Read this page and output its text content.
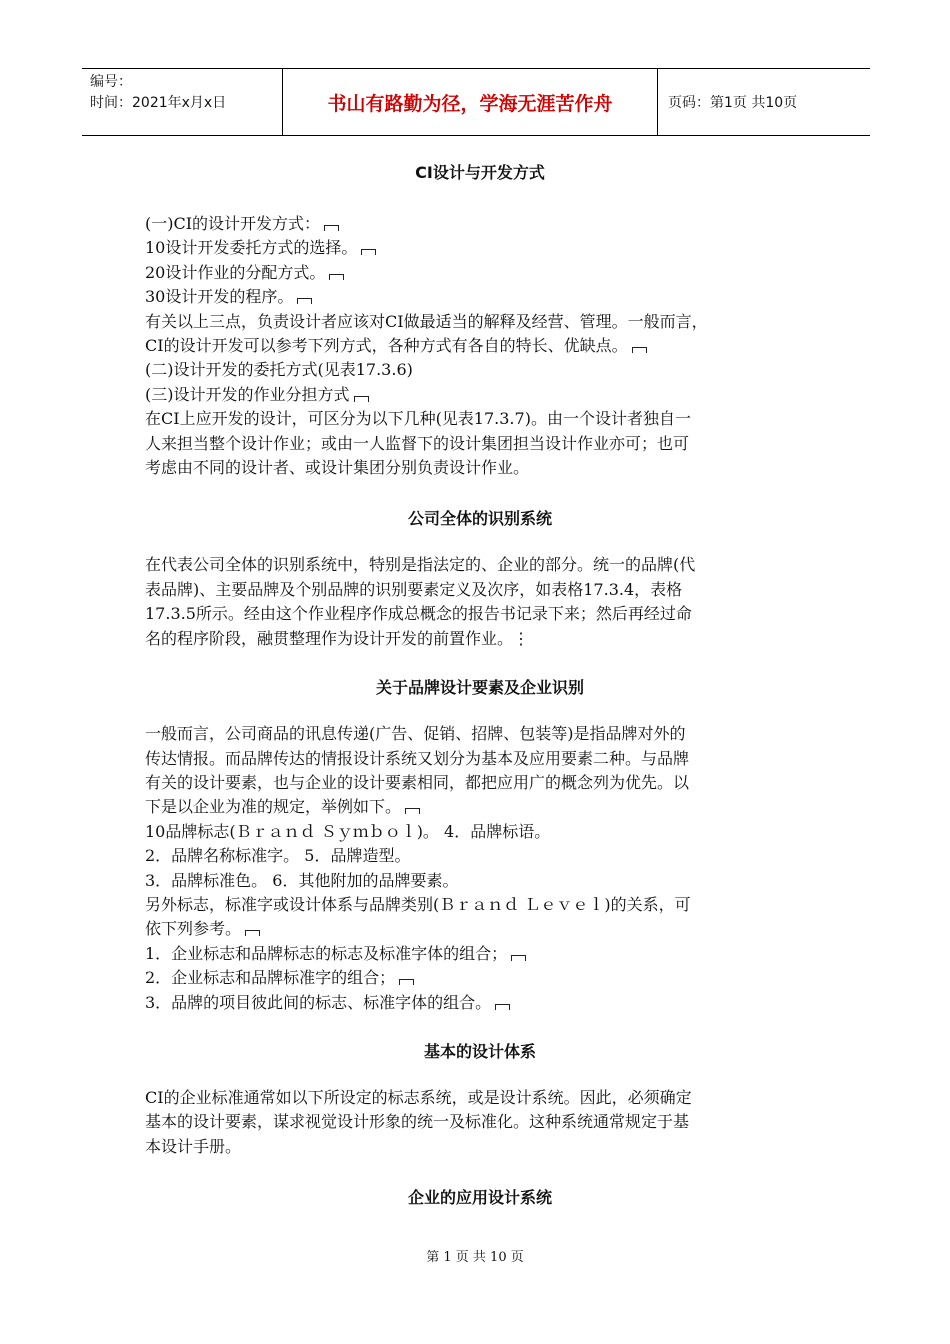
编号：
时间：2021年x月x日	书山有路勤为径，学海无涯苦作舟	页码：第1页 共10页
CI设计与开发方式
(一)CI的设计开发方式：
10设计开发委托方式的选择。
20设计作业的分配方式。
30设计开发的程序。
有关以上三点，负责设计者应该对CI做最适当的解释及经营、管理。一般而言，
CI的设计开发可以参考下列方式，各种方式有各自的特长、优缺点。
(二)设计开发的委托方式(见表17.3.6)
(三)设计开发的作业分担方式
在CI上应开发的设计，可区分为以下几种(见表17.3.7)。由一个设计者独自一
人来担当整个设计作业；或由一人监督下的设计集团担当设计作业亦可；也可
考虑由不同的设计者、或设计集团分别负责设计作业。
公司全体的识别系统
在代表公司全体的识别系统中，特别是指法定的、企业的部分。统一的品牌(代
表品牌)、主要品牌及个别品牌的识别要素定义及次序，如表格17.3.4，表格
17.3.5所示。经由这个作业程序作成总概念的报告书记录下来；然后再经过命
名的程序阶段，融贯整理作为设计开发的前置作业。⋮
关于品牌设计要素及企业识别
一般而言，公司商品的讯息传递(广告、促销、招牌、包装等)是指品牌对外的
传达情报。而品牌传达的情报设计系统又划分为基本及应用要素二种。与品牌
有关的设计要素，也与企业的设计要素相同，都把应用广的概念列为优先。以
下是以企业为准的规定，举例如下。
10品牌标志(Ｂｒａｎｄ Ｓｙｍｂｏｌ)。 4．品牌标语。
2．品牌名称标准字。 5．品牌造型。
3．品牌标准色。 6．其他附加的品牌要素。
另外标志，标准字或设计体系与品牌类别(Ｂｒａｎｄ Ｌｅｖｅｌ)的关系，可
依下列参考。
1．企业标志和品牌标志的标志及标准字体的组合；
2．企业标志和品牌标准字的组合；
3．品牌的项目彼此间的标志、标准字体的组合。
基本的设计体系
CI的企业标准通常如以下所设定的标志系统，或是设计系统。因此，必须确定
基本的设计要素，谋求视觉设计形象的统一及标准化。这种系统通常规定于基
本设计手册。
企业的应用设计系统
第 1 页 共 10 页
